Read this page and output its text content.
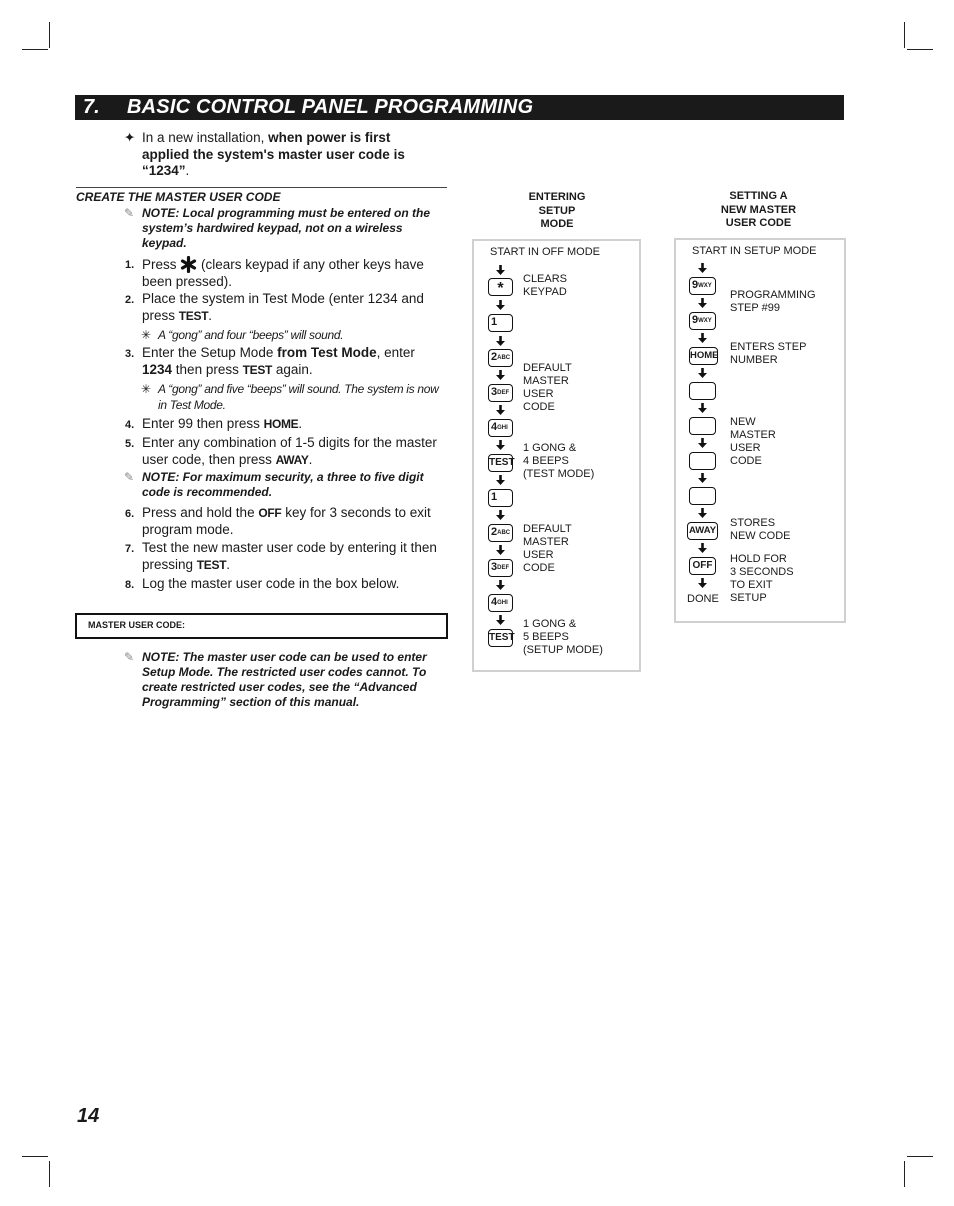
7. BASIC CONTROL PANEL PROGRAMMING
✦ In a new installation, when power is first applied the system's master user code is “1234”.
CREATE THE MASTER USER CODE
✎ NOTE: Local programming must be entered on the system’s hardwired keypad, not on a wireless keypad.
1. Press  (clears keypad if any other keys have been pressed).
2. Place the system in Test Mode (enter 1234 and press TEST.
✳ A “gong” and four “beeps” will sound.
3. Enter the Setup Mode from Test Mode, enter 1234 then press TEST again.
✳ A “gong” and five “beeps” will sound. The system is now in Test Mode.
4. Enter 99 then press HOME.
5. Enter any combination of 1-5 digits for the master user code, then press AWAY.
✎ NOTE: For maximum security, a three to five digit code is recommended.
6. Press and hold the OFF key for 3 seconds to exit program mode.
7. Test the new master user code by entering it then pressing TEST.
8. Log the master user code in the box below.
MASTER USER CODE:
✎ NOTE: The master user code can be used to enter Setup Mode. The restricted user codes cannot. To create restricted user codes, see the “Advanced Programming” section of this manual.
ENTERING
SETUP
MODE
START IN OFF MODE
CLEARS
KEYPAD
DEFAULT
MASTER
USER
CODE
1 GONG &
4 BEEPS
(TEST MODE)
DEFAULT
MASTER
USER
CODE
1 GONG &
5 BEEPS
(SETUP MODE)
*
1
2ABC
3DEF
4GHI
TEST
1
2ABC
3DEF
4GHI
TEST
SETTING A
NEW MASTER
USER CODE
START IN SETUP MODE
PROGRAMMING
STEP #99
ENTERS STEP
NUMBER
NEW
MASTER
USER
CODE
STORES
NEW CODE
HOLD FOR
3 SECONDS
TO EXIT
SETUP
DONE
9WXY
9WXY
HOME
AWAY
OFF
14
